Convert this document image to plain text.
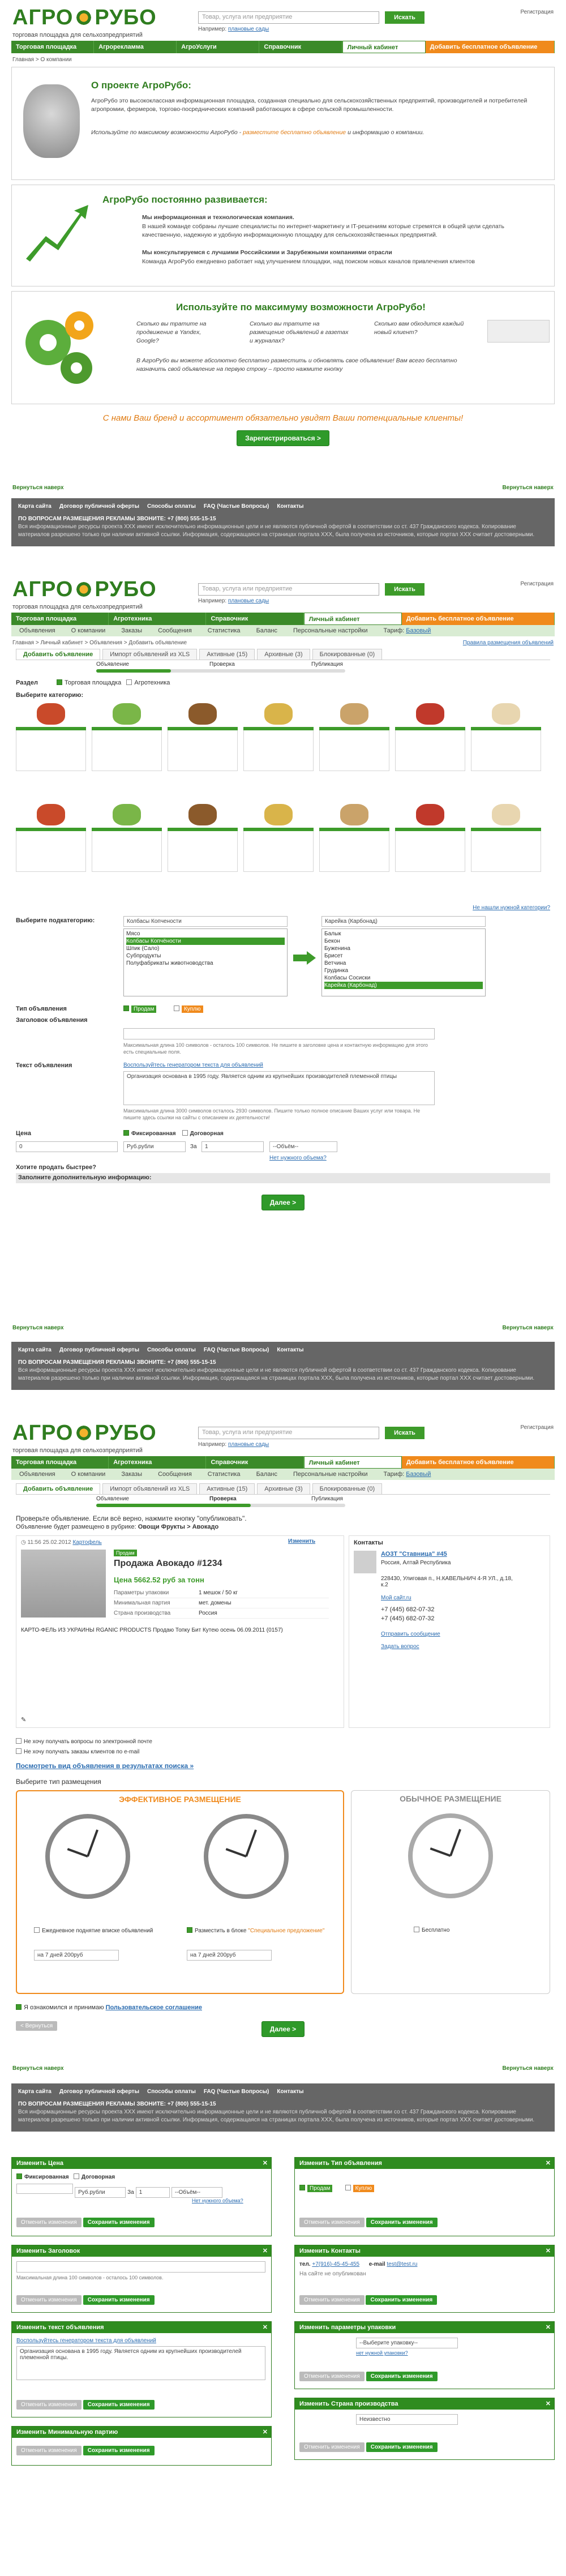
АГРО РУБО
торговая площадка для сельхозпредприятий
Товар, услуга или предприятие	Искать
Например: плановые сады
Регистрация
Торговая площадка	Агрорекламма	АгроУслуги	Справочник	Личный кабинет	Добавить бесплатное объявление
Главная > О компании
О проекте АгроРубо:
АгроРубо это высококлассная информационная площадка, созданная специально для сельскохозяйственных предприятий, производителей и потребителей агропромии, фермеров, торгово-посреднических компаний работающих в сфере сельской промышленности.
Используйте по максимому возможности АгроРубо - разместите бесплатно объявление и информацию о компании.
АгроРубо постоянно развивается:
Мы информационная и технологическая компания.
В нашей команде собраны лучшие специалисты по интернет-маркетингу и IT-решениям которые стремятся в общей цели сделать качественную, надежную и удобную информационную площадку для сельскохозяйственных предприятий.
Мы консультируемся с лучшими Российскими и Зарубежными компаниями отрасли
Команда АгроРубо ежедневно работает над улучшением площадки, над поиском новых каналов привлечения клиентов
Используйте по максимуму возможности АгроРубо!
Сколько вы тратите на продвижение в Yandex, Google?
Сколько вы тратите на размещение объявлений в газетах и журналах?
Сколько вам обходится каждый новый клиент?
В АгроРубо вы можете абсолютно бесплатно разместить и обновлять свое объявление! Вам всего бесплатно назначить свой объявление на первую строку – просто нажмите кнопку
С нами Ваш бренд и ассортимент обязательно увидят Ваши потенциальные клиенты!
Зарегистрироваться >
Вернуться наверх	Вернуться наверх
Карта сайта Договор публичной оферты Способы оплаты FAQ (Частые Вопросы) Контакты
ПО ВОПРОСАМ РАЗМЕЩЕНИЯ РЕКЛАМЫ ЗВОНИТЕ: +7 (800) 555-15-15
Вся информационные ресурсы проекта ХХХ имеют исключительно информационные цели и не являются публичной офертой в соответствии со ст. 437 Гражданского кодекса. Копирование материалов разрешено только при наличии активной ссылки. Информация, содержащаяся на страницах портала ХХХ, была получена из источников, которые портал ХХХ считает достоверными.
АГРО РУБО
торговая площадка для сельхозпредприятий
Товар, услуга или предприятие	Искать
Например: плановые сады
Регистрация
Торговая площадка	Агротехника	Справочник	Личный кабинет	Добавить бесплатное объявление
Объявления	О компании	Заказы	Сообщения	Статистика	Баланс	Персональные настройки	Тариф: Базовый
Главная > Личный кабинет > Объявления > Добавить объявление	Правила размещения объявлений
Добавить объявление	Импорт объявлений из XLS	Активные (15)	Архивные (3)	Блокированные (0)
Объявление	Проверка	Публикация
Раздел	Торговая площадка Агротехника
Выберите категорию:
Не нашли нужной категории?
Выберите подкатегорию:	Колбасы Копчености
Мясо
Колбасы Копчёности
Шпик (Сало)
Субпродукты
Полуфабрикаты животноводства
Карейка (Карбонад)
Балык
Бекон
Буженина
Брисет
Ветчина
Грудинка
Колбасы Сосиски
Карейка (Карбонад)
Тип объявления	Продам	Куплю
Заголовок объявления
Максимальная длина 100 символов - осталось 100 символов. Не пишите в заголовке цена и контактную информацию для этого есть специальные поля.
Текст объявления	Воспользуйтесь генератором текста для объявлений
Организация основана в 1995 году. Является одним из крупнейших производителей племенной птицы
Максимальная длина 3000 символов осталось 2930 символов. Пишите только полное описание Ваших услуг или товара. Не пишите здесь ссылки на сайты с описанием их деятельности!
Цена	Фиксированная	Договорная
0	Руб.рубли	За	1	--Объём--
Нет нужного объема?
Хотите продать быстрее?
Заполните дополнительную информацию:
Далее >
Вернуться наверх	Вернуться наверх
Карта сайта Договор публичной оферты Способы оплаты FAQ (Частые Вопросы) Контакты
ПО ВОПРОСАМ РАЗМЕЩЕНИЯ РЕКЛАМЫ ЗВОНИТЕ: +7 (800) 555-15-15
Вся информационные ресурсы проекта ХХХ имеют исключительно информационные цели и не являются публичной офертой в соответствии со ст. 437 Гражданского кодекса. Копирование материалов разрешено только при наличии активной ссылки. Информация, содержащаяся на страницах портала ХХХ, была получена из источников, которые портал ХХХ считает достоверными.
АГРО РУБО
торговая площадка для сельхозпредприятий
Товар, услуга или предприятие	Искать
Например: плановые сады
Регистрация
Торговая площадка	Агротехника	Справочник	Личный кабинет	Добавить бесплатное объявление
Объявления	О компании	Заказы	Сообщения	Статистика	Баланс	Персональные настройки	Тариф: Базовый
Добавить объявление	Импорт объявлений из XLS	Активные (15)	Архивные (3)	Блокированные (0)
Объявление	Проверка	Публикация
Проверьте объявление. Если всё верно, нажмите кнопку "опубликовать".
Объявление будет размещено в рубрике: Овощи Фрукты > Авокадо
◷ 11:56 25.02.2012 Картофель	Изменить
Продам
Продажа Авокадо #1234
Цена 5662.52 руб за тонн
Параметры упаковки	1 мешок / 50 кг
Минимальная партия	мет. домены
Страна производства	Россия
КАРТО-ФЕЛЬ ИЗ УКРАИНЫ RGANIC PRODUCTS Продаю Топку Бит Кутею осень 06.09.2011 (0157)
✎
Контакты
АО3Т "Ставница" #45
Россия, Алтай Республика
228430, Улиговая п., Н.КАВЕЛЬНИЧ 4-Я УЛ., д.18, к.2
Мой сайт.ru
+7 (445) 682-07-32
+7 (445) 682-07-32
Отправить сообщение
Задать вопрос
Не хочу получать вопросы по электронной почте
Не хочу получать заказы клиентов по e-mail
Посмотреть вид объявления в результатах поиска »
Выберите тип размещения
ЭФФЕКТИВНОЕ РАЗМЕЩЕНИЕ
Ежедневное поднятие вписке объявлений	Разместить в блоке "Специальное предложение"
на 7 дней 200руб	на 7 дней 200руб
ОБЫЧНОЕ РАЗМЕЩЕНИЕ
Бесплатно
Я ознакомился и принимаю Пользовательское соглашение
< Вернуться	Далее >
Вернуться наверх	Вернуться наверх
Карта сайта Договор публичной оферты Способы оплаты FAQ (Частые Вопросы) Контакты
ПО ВОПРОСАМ РАЗМЕЩЕНИЯ РЕКЛАМЫ ЗВОНИТЕ: +7 (800) 555-15-15
Вся информационные ресурсы проекта ХХХ имеют исключительно информационные цели и не являются публичной офертой в соответствии со ст. 437 Гражданского кодекса. Копирование материалов разрешено только при наличии активной ссылки. Информация, содержащаяся на страницах портала ХХХ, была получена из источников, которые портал ХХХ считает достоверными.
Изменить Цена	✕
Фиксированная Договорная
Руб.рубли	За 1	--Объём--
Нет нужного объема?
Отменить изменения Сохранить изменения
Изменить Тип объявления	✕
Продам	Куплю
Отменить изменения Сохранить изменения
Изменить Заголовок	✕
Максимальная длина 100 символов - осталось 100 символов.
Отменить изменения Сохранить изменения
Изменить Контакты	✕
тел. +7(916)-45-45-455 e-mail test@test.ru
На сайте не опубликован
Отменить изменения Сохранить изменения
Изменить текст объявления	✕
Воспользуйтесь генератором текста для объявлений
Организация основана в 1995 году. Является одним из крупнейших производителей племенной птицы.
Отменить изменения Сохранить изменения
Изменить параметры упаковки	✕
--Выберите упаковку--
нет нужной упаковки?
Отменить изменения Сохранить изменения
Изменить Страна производства	✕
Неизвестно
Отменить изменения Сохранить изменения
Изменить Минимальную партию	✕
Отменить изменения Сохранить изменения
